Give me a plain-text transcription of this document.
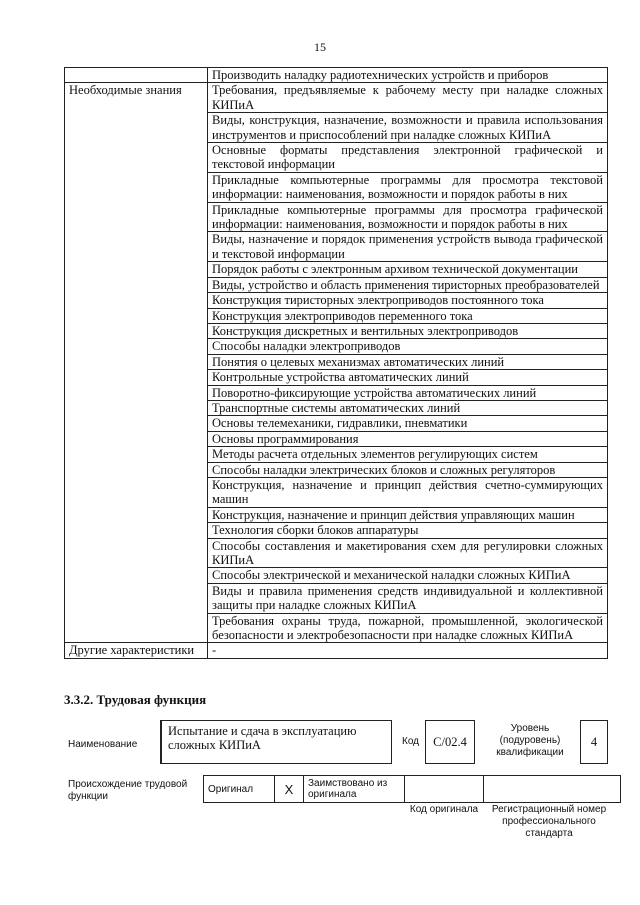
15
	Производить наладку радиотехнических устройств и приборов
Необходимые знания	Требования, предъявляемые к рабочему месту при наладке сложных КИПиА
	Виды, конструкция, назначение, возможности и правила использования инструментов и приспособлений при наладке сложных КИПиА
	Основные форматы представления электронной графической и текстовой информации
	Прикладные компьютерные программы для просмотра текстовой информации: наименования, возможности и порядок работы в них
	Прикладные компьютерные программы для просмотра графической информации: наименования, возможности и порядок работы в них
	Виды, назначение и порядок применения устройств вывода графической и текстовой информации
	Порядок работы с электронным архивом технической документации
	Виды, устройство и область применения тиристорных преобразователей
	Конструкция тиристорных электроприводов постоянного тока
	Конструкция электроприводов переменного тока
	Конструкция дискретных и вентильных электроприводов
	Способы наладки электроприводов
	Понятия о целевых механизмах автоматических линий
	Контрольные устройства автоматических линий
	Поворотно-фиксирующие устройства автоматических линий
	Транспортные системы автоматических линий
	Основы телемеханики, гидравлики, пневматики
	Основы программирования
	Методы расчета отдельных элементов регулирующих систем
	Способы наладки электрических блоков и сложных регуляторов
	Конструкция, назначение и принцип действия счетно-суммирующих машин
	Конструкция, назначение и принцип действия управляющих машин
	Технология сборки блоков аппаратуры
	Способы составления и макетирования схем для регулировки сложных КИПиА
	Способы электрической и механической наладки сложных КИПиА
	Виды и правила применения средств индивидуальной и коллективной защиты при наладке сложных КИПиА
	Требования охраны труда, пожарной, промышленной, экологической безопасности и электробезопасности при наладке сложных КИПиА
Другие характеристики	-
3.3.2. Трудовая функция
Наименование
Испытание и сдача в эксплуатацию сложных КИПиА	Код	C/02.4
Уровень (подуровень) квалификации
4
Происхождение трудовой функции
Оригинал	X	Заимствовано из оригинала		
Код оригинала	Регистрационный номер профессионального стандарта
